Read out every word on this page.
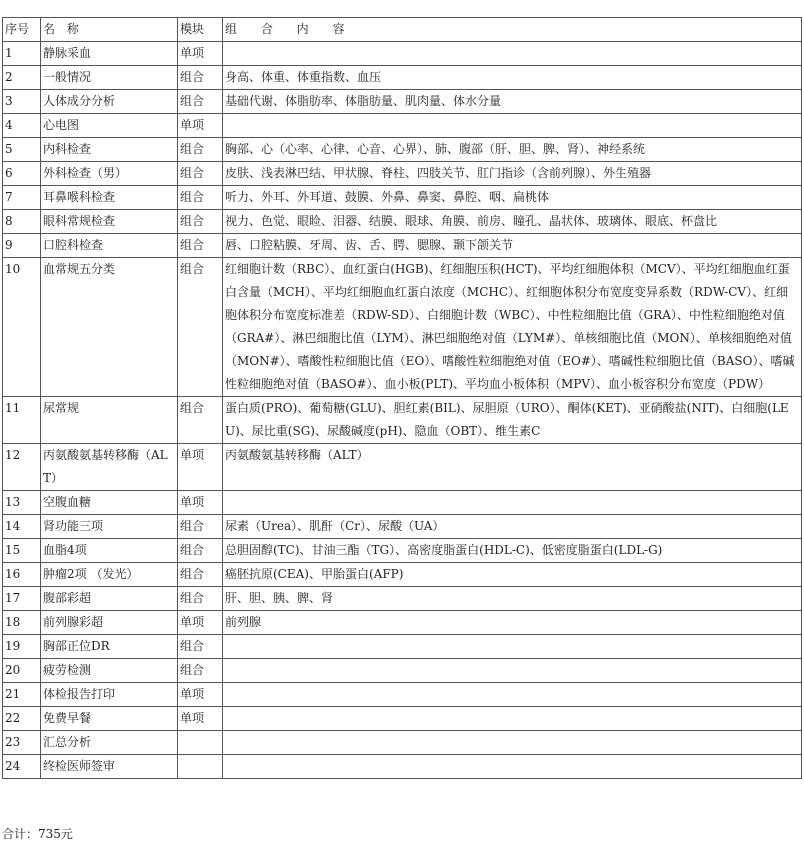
序号	名 称	模块	组 合 内 容
1	静脉采血	单项	
2	一般情况	组合	身高、体重、体重指数、血压
3	人体成分分析	组合	基础代谢、体脂肪率、体脂肪量、肌肉量、体水分量
4	心电图	单项	
5	内科检查	组合	胸部、心（心率、心律、心音、心界）、肺、腹部（肝、胆、脾、肾）、神经系统
6	外科检查（男）	组合	皮肤、浅表淋巴结、甲状腺、脊柱、四肢关节、肛门指诊（含前列腺）、外生殖器
7	耳鼻喉科检查	组合	听力、外耳、外耳道、鼓膜、外鼻、鼻窦、鼻腔、咽、扁桃体
8	眼科常规检查	组合	视力、色觉、眼睑、泪器、结膜、眼球、角膜、前房、瞳孔、晶状体、玻璃体、眼底、杯盘比
9	口腔科检查	组合	唇、口腔粘膜、牙周、齿、舌、腭、腮腺、颞下颌关节
10	血常规五分类	组合	红细胞计数（RBC）、血红蛋白(HGB)、红细胞压积(HCT)、平均红细胞体积（MCV）、平均红细胞血红蛋白含量（MCH）、平均红细胞血红蛋白浓度（MCHC）、红细胞体积分布宽度变异系数（RDW-CV）、红细胞体积分布宽度标准差（RDW-SD）、白细胞计数（WBC）、中性粒细胞比值（GRA）、中性粒细胞绝对值（GRA#）、淋巴细胞比值（LYM）、淋巴细胞绝对值（LYM#）、单核细胞比值（MON）、单核细胞绝对值（MON#）、嗜酸性粒细胞比值（EO）、嗜酸性粒细胞绝对值（EO#）、嗜碱性粒细胞比值（BASO）、嗜碱性粒细胞绝对值（BASO#）、血小板(PLT)、平均血小板体积（MPV）、血小板容积分布宽度（PDW）
11	尿常规	组合	蛋白质(PRO)、葡萄糖(GLU)、胆红素(BIL)、尿胆原（URO）、酮体(KET)、亚硝酸盐(NIT)、白细胞(LEU)、尿比重(SG)、尿酸碱度(pH)、隐血（OBT）、维生素C
12	丙氨酸氨基转移酶（ALT）	单项	丙氨酸氨基转移酶（ALT）
13	空腹血糖	单项	
14	肾功能三项	组合	尿素（Urea）、肌酐（Cr）、尿酸（UA）
15	血脂4项	组合	总胆固醇(TC)、甘油三酯（TG）、高密度脂蛋白(HDL-C)、低密度脂蛋白(LDL-G)
16	肿瘤2项 （发光）	组合	癌胚抗原(CEA)、甲胎蛋白(AFP)
17	腹部彩超	组合	肝、胆、胰、脾、肾
18	前列腺彩超	单项	前列腺
19	胸部正位DR	组合	
20	疲劳检测	组合	
21	体检报告打印	单项	
22	免费早餐	单项	
23	汇总分析		
24	终检医师签审		
合计：735元
